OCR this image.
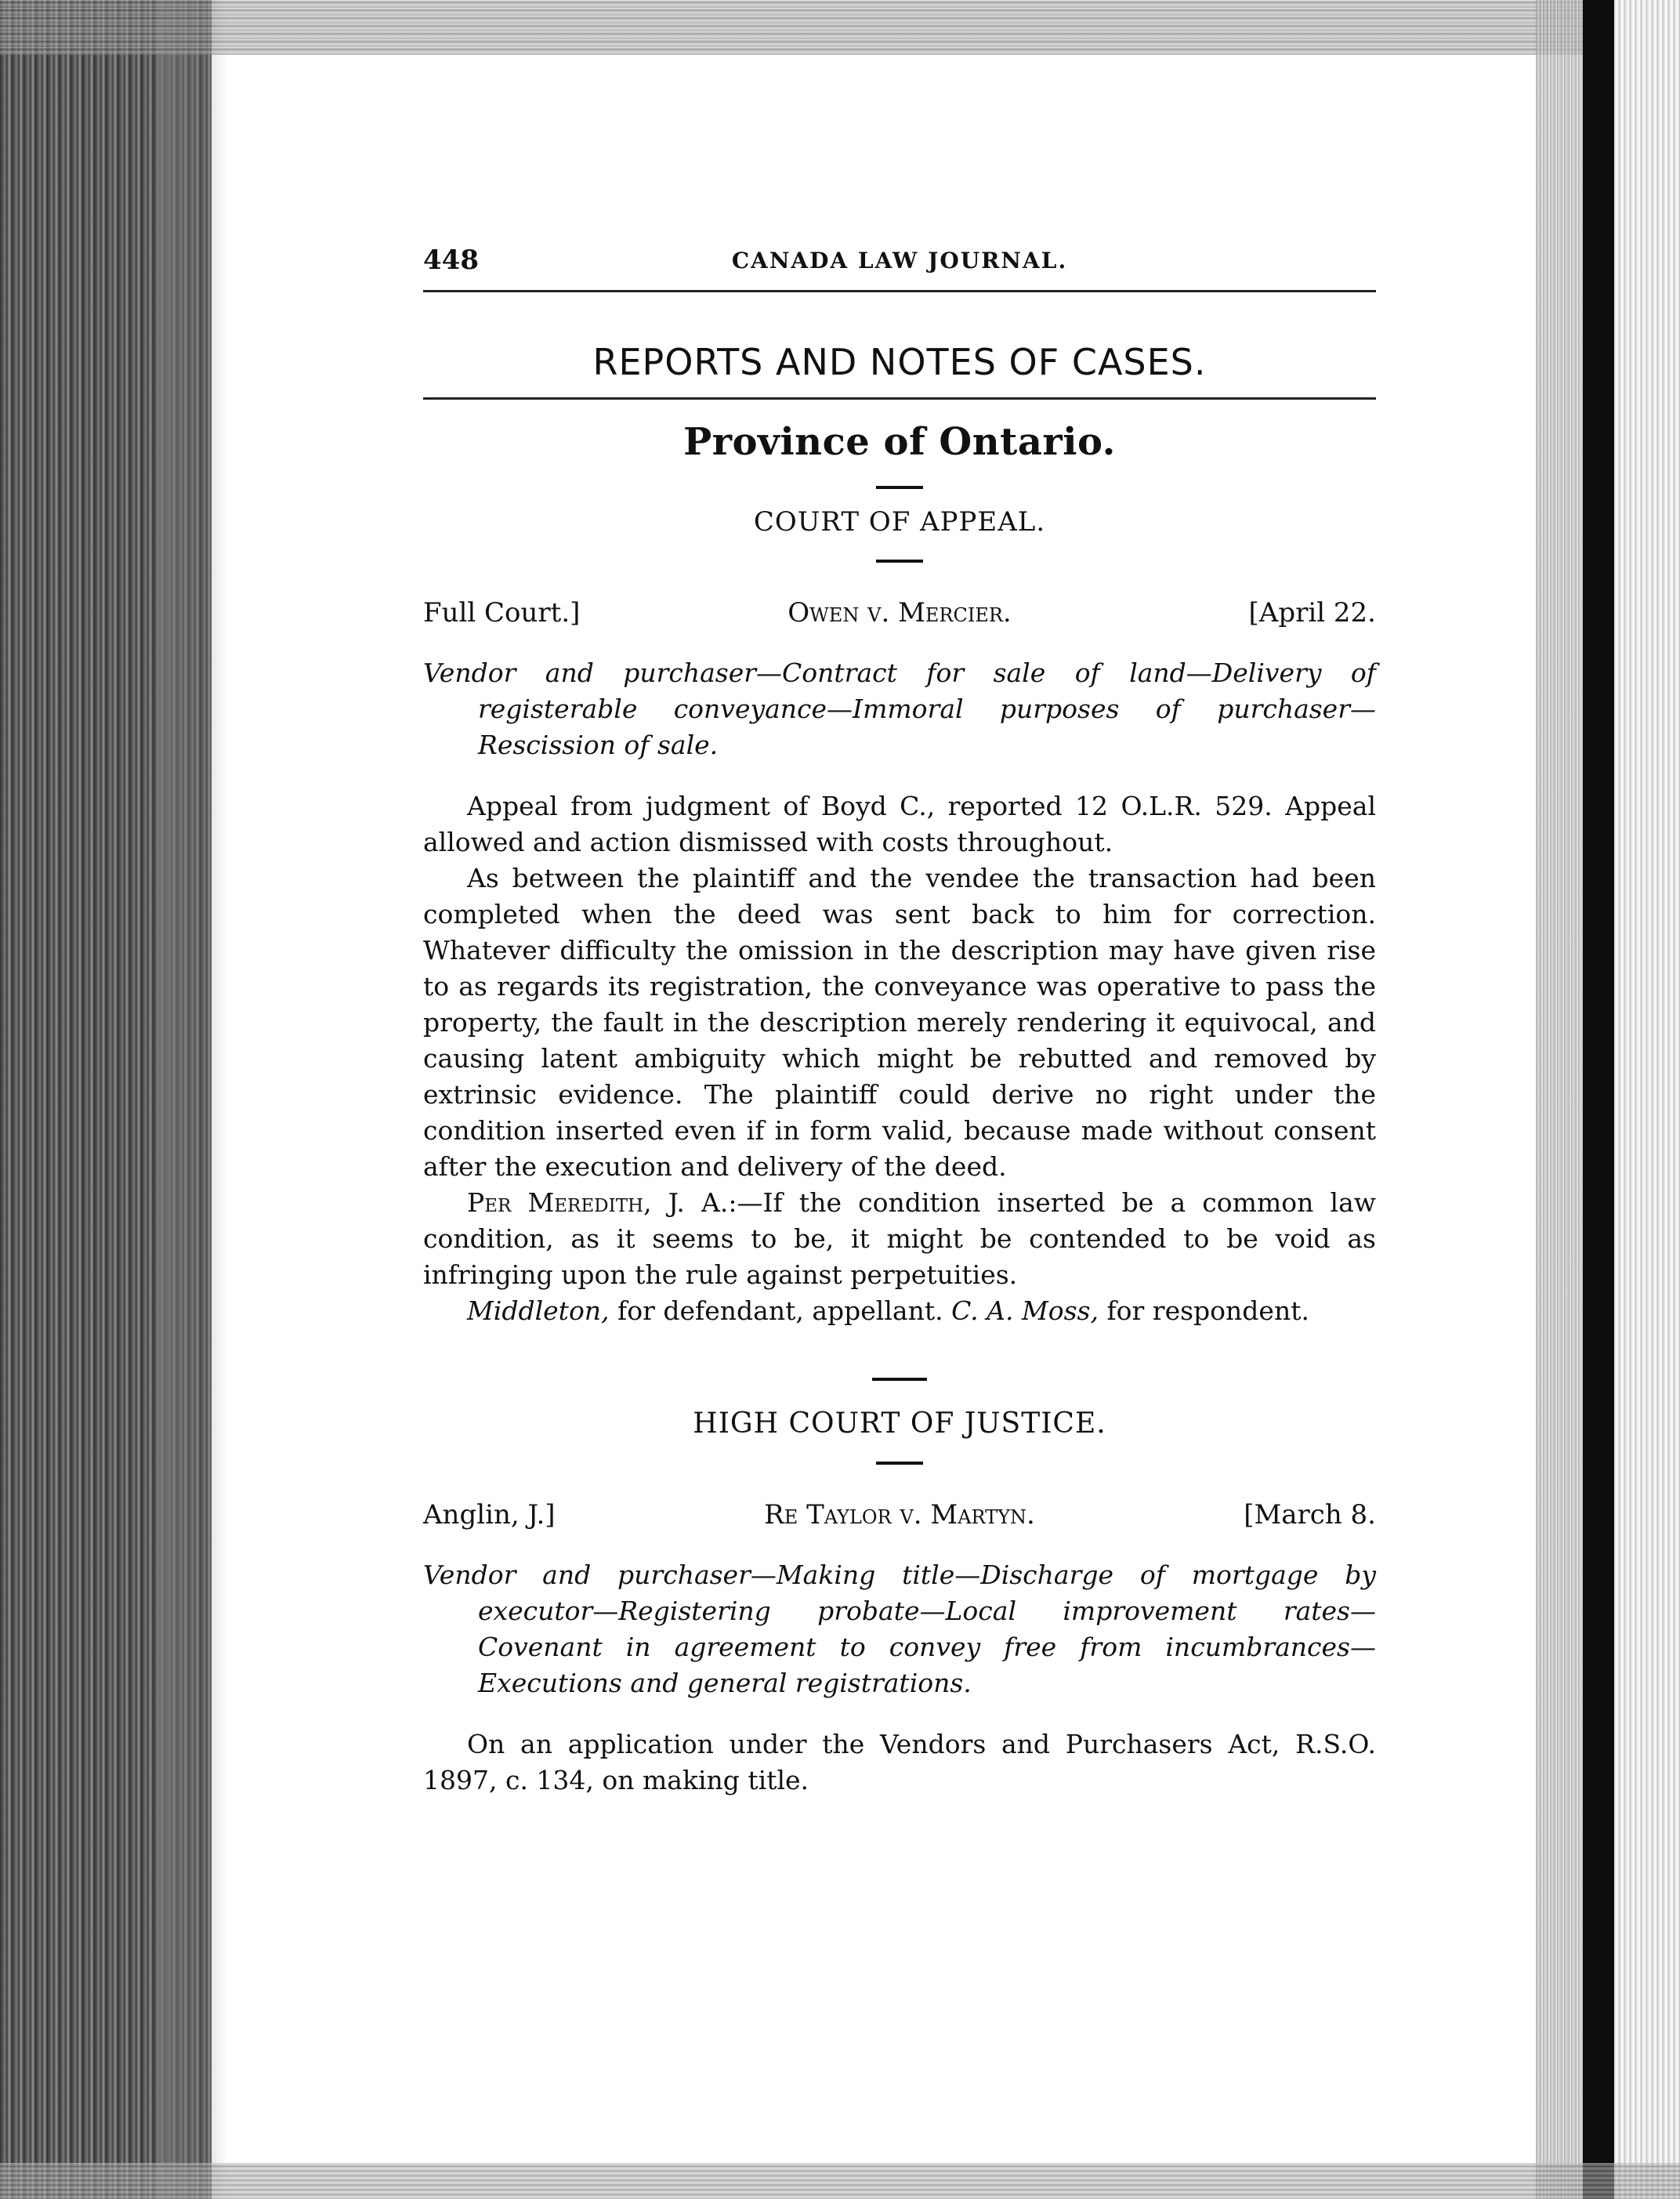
448	CANADA LAW JOURNAL.
REPORTS AND NOTES OF CASES.
Province of Ontario.
COURT OF APPEAL.
Full Court.]	Owen v. Mercier.	[April 22.
Vendor and purchaser—Contract for sale of land—Delivery of registerable conveyance—Immoral purposes of purchaser—Rescission of sale.

Appeal from judgment of Boyd C., reported 12 O.L.R. 529. Appeal allowed and action dismissed with costs throughout.

As between the plaintiff and the vendee the transaction had been completed when the deed was sent back to him for correction. Whatever difficulty the omission in the description may have given rise to as regards its registration, the conveyance was operative to pass the property, the fault in the description merely rendering it equivocal, and causing latent ambiguity which might be rebutted and removed by extrinsic evidence. The plaintiff could derive no right under the condition inserted even if in form valid, because made without consent after the execution and delivery of the deed.

Per Meredith, J. A.:—If the condition inserted be a common law condition, as it seems to be, it might be contended to be void as infringing upon the rule against perpetuities.

Middleton, for defendant, appellant. C. A. Moss, for respondent.

HIGH COURT OF JUSTICE.
Anglin, J.]	Re Taylor v. Martyn.	[March 8.
Vendor and purchaser—Making title—Discharge of mortgage by executor—Registering probate—Local improvement rates—Covenant in agreement to convey free from incumbrances—Executions and general registrations.

On an application under the Vendors and Purchasers Act, R.S.O. 1897, c. 134, on making title.
